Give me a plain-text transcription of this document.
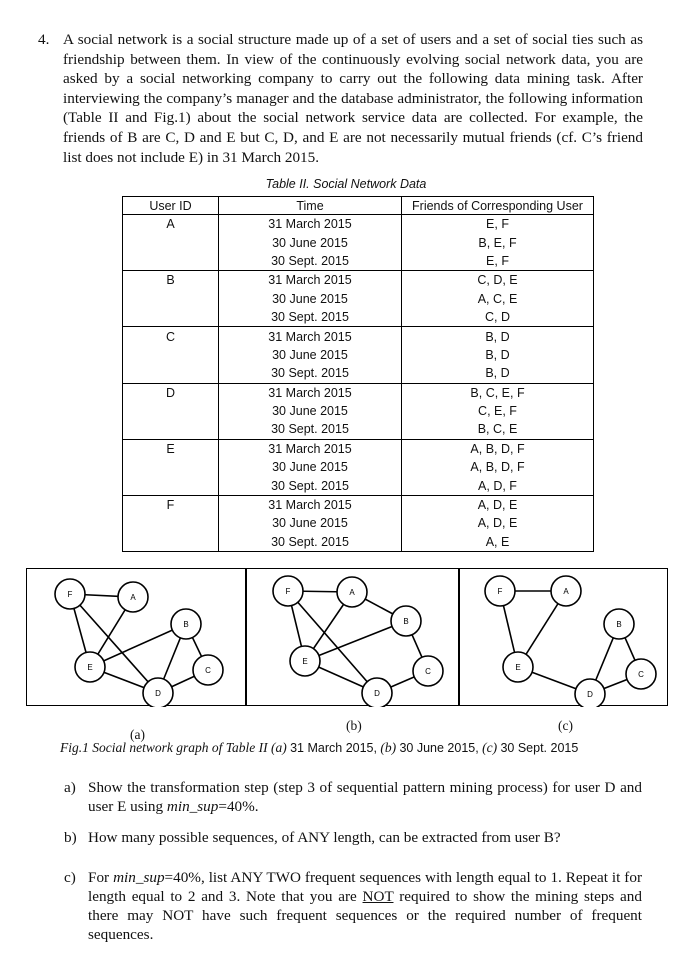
4. A social network is a social structure made up of a set of users and a set of social ties such as friendship between them. In view of the continuously evolving social network data, you are asked by a social networking company to carry out the following data mining task. After interviewing the company’s manager and the database administrator, the following information (Table II and Fig.1) about the social network service data are collected. For example, the friends of B are C, D and E but C, D, and E are not necessarily mutual friends (cf. C’s friend list does not include E) in 31 March 2015.
Table II. Social Network Data
User ID	Time	Friends of Corresponding User
A	31 March 2015	E, F
	30 June 2015	B, E, F
	30 Sept. 2015	E, F
B	31 March 2015	C, D, E
	30 June 2015	A, C, E
	30 Sept. 2015	C, D
C	31 March 2015	B, D
	30 June 2015	B, D
	30 Sept. 2015	B, D
D	31 March 2015	B, C, E, F
	30 June 2015	C, E, F
	30 Sept. 2015	B, C, E
E	31 March 2015	A, B, D, F
	30 June 2015	A, B, D, F
	30 Sept. 2015	A, D, F
F	31 March 2015	A, D, E
	30 June 2015	A, D, E
	30 Sept. 2015	A, E
F	A
B
E	C
D
F	A
B
E
C
D
F	A
B
E
C
D
(a)
(b)	(c)
Fig.1 Social network graph of Table II (a) 31 March 2015, (b) 30 June 2015, (c) 30 Sept. 2015
a) Show the transformation step (step 3 of sequential pattern mining process) for user D and user E using min_sup=40%.
b) How many possible sequences, of ANY length, can be extracted from user B?
c) For min_sup=40%, list ANY TWO frequent sequences with length equal to 1. Repeat it for length equal to 2 and 3. Note that you are NOT required to show the mining steps and there may NOT have such frequent sequences or the required number of frequent sequences.
